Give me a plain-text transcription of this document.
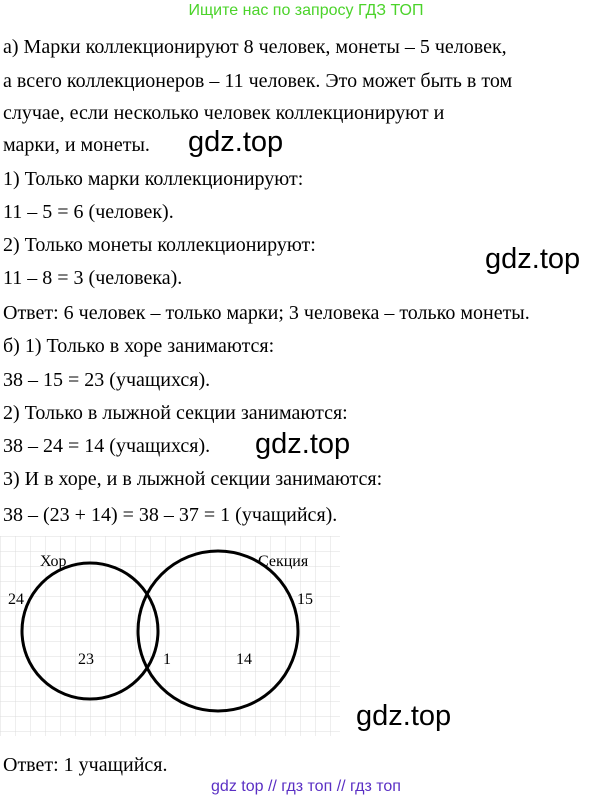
Ищите нас по запросу ГДЗ ТОП
а) Марки коллекционируют 8 человек, монеты – 5 человек,
а всего коллекционеров – 11 человек. Это может быть в том
случае, если несколько человек коллекционируют и
марки, и монеты.
1) Только марки коллекционируют:
11 – 5 = 6 (человек).
2) Только монеты коллекционируют:
11 – 8 = 3 (человека).
Ответ: 6 человек – только марки; 3 человека – только монеты.
б) 1) Только в хоре занимаются:
38 – 15 = 23 (учащихся).
2) Только в лыжной секции занимаются:
38 – 24 = 14 (учащихся).
3) И в хоре, и в лыжной секции занимаются:
38 – (23 + 14) = 38 – 37 = 1 (учащийся).
Хор	Секция
24	15
23	1	14
Ответ: 1 учащийся.
gdz.top
gdz.top
gdz.top
gdz.top
gdz top // гдз топ // гдз топ
